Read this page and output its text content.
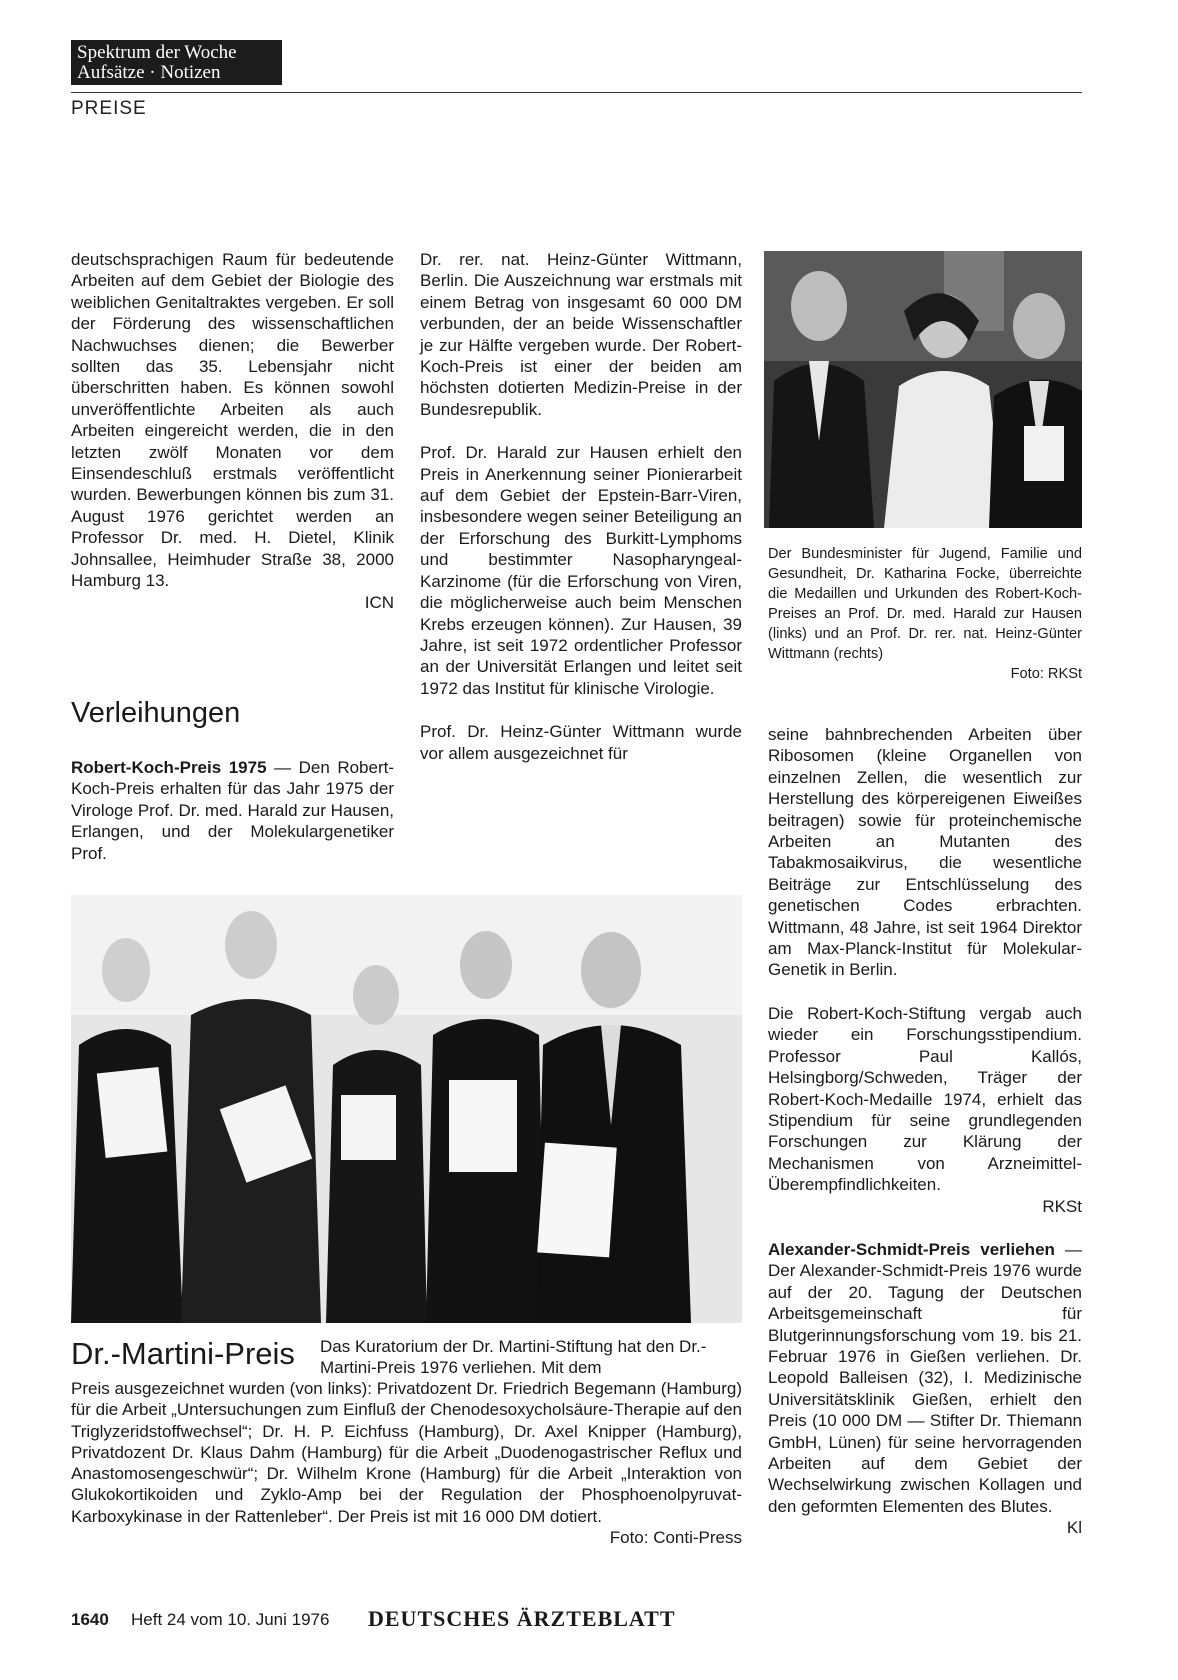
Spektrum der Woche
Aufsätze · Notizen
PREISE

deutschsprachigen Raum für bedeutende Arbeiten auf dem Gebiet der Biologie des weiblichen Genitaltraktes vergeben. Er soll der Förderung des wissenschaftlichen Nachwuchses dienen; die Bewerber sollten das 35. Lebensjahr nicht überschritten haben. Es können sowohl unveröffentlichte Arbeiten als auch Arbeiten eingereicht werden, die in den letzten zwölf Monaten vor dem Einsendeschluß erstmals veröffentlicht wurden. Bewerbungen können bis zum 31. August 1976 gerichtet werden an Professor Dr. med. H. Dietel, Klinik Johnsallee, Heimhuder Straße 38, 2000 Hamburg 13.

ICN
Verleihungen

Robert-Koch-Preis 1975 — Den Robert-Koch-Preis erhalten für das Jahr 1975 der Virologe Prof. Dr. med. Harald zur Hausen, Erlangen, und der Molekulargenetiker Prof.

Dr. rer. nat. Heinz-Günter Wittmann, Berlin. Die Auszeichnung war erstmals mit einem Betrag von insgesamt 60 000 DM verbunden, der an beide Wissenschaftler je zur Hälfte vergeben wurde. Der Robert-Koch-Preis ist einer der beiden am höchsten dotierten Medizin-Preise in der Bundesrepublik.

Prof. Dr. Harald zur Hausen erhielt den Preis in Anerkennung seiner Pionierarbeit auf dem Gebiet der Epstein-Barr-Viren, insbesondere wegen seiner Beteiligung an der Erforschung des Burkitt-Lymphoms und bestimmter Nasopharyngeal-Karzinome (für die Erforschung von Viren, die möglicherweise auch beim Menschen Krebs erzeugen können). Zur Hausen, 39 Jahre, ist seit 1972 ordentlicher Professor an der Universität Erlangen und leitet seit 1972 das Institut für klinische Virologie.

Prof. Dr. Heinz-Günter Wittmann wurde vor allem ausgezeichnet für

Der Bundesminister für Jugend, Familie und Gesundheit, Dr. Katharina Focke, überreichte die Medaillen und Urkunden des Robert-Koch-Preises an Prof. Dr. med. Harald zur Hausen (links) und an Prof. Dr. rer. nat. Heinz-Günter Wittmann (rechts)

Foto: RKSt

seine bahnbrechenden Arbeiten über Ribosomen (kleine Organellen von einzelnen Zellen, die wesentlich zur Herstellung des körpereigenen Eiweißes beitragen) sowie für proteinchemische Arbeiten an Mutanten des Tabakmosaikvirus, die wesentliche Beiträge zur Entschlüsselung des genetischen Codes erbrachten. Wittmann, 48 Jahre, ist seit 1964 Direktor am Max-Planck-Institut für Molekular-Genetik in Berlin.

Die Robert-Koch-Stiftung vergab auch wieder ein Forschungsstipendium. Professor Paul Kallós, Helsingborg/Schweden, Träger der Robert-Koch-Medaille 1974, erhielt das Stipendium für seine grundlegenden Forschungen zur Klärung der Mechanismen von Arzneimittel-Überempfindlichkeiten.

RKSt

Alexander-Schmidt-Preis verliehen — Der Alexander-Schmidt-Preis 1976 wurde auf der 20. Tagung der Deutschen Arbeitsgemeinschaft für Blutgerinnungsforschung vom 19. bis 21. Februar 1976 in Gießen verliehen. Dr. Leopold Balleisen (32), I. Medizinische Universitätsklinik Gießen, erhielt den Preis (10 000 DM — Stifter Dr. Thiemann GmbH, Lünen) für seine hervorragenden Arbeiten auf dem Gebiet der Wechselwirkung zwischen Kollagen und den geformten Elementen des Blutes.

Kl
Dr.-Martini-Preis Das Kuratorium der Dr. Martini-Stiftung hat den Dr.-Martini-Preis 1976 verliehen. Mit dem

Preis ausgezeichnet wurden (von links): Privatdozent Dr. Friedrich Begemann (Hamburg) für die Arbeit „Untersuchungen zum Einfluß der Chenodesoxycholsäure-Therapie auf den Triglyzeridstoffwechsel“; Dr. H. P. Eichfuss (Hamburg), Dr. Axel Knipper (Hamburg), Privatdozent Dr. Klaus Dahm (Hamburg) für die Arbeit „Duodenogastrischer Reflux und Anastomosengeschwür“; Dr. Wilhelm Krone (Hamburg) für die Arbeit „Interaktion von Glukokortikoiden und Zyklo-Amp bei der Regulation der Phosphoenolpyruvat-Karboxykinase in der Rattenleber“. Der Preis ist mit 16 000 DM dotiert.

Foto: Conti-Press
1640 Heft 24 vom 10. Juni 1976 DEUTSCHES ÄRZTEBLATT
